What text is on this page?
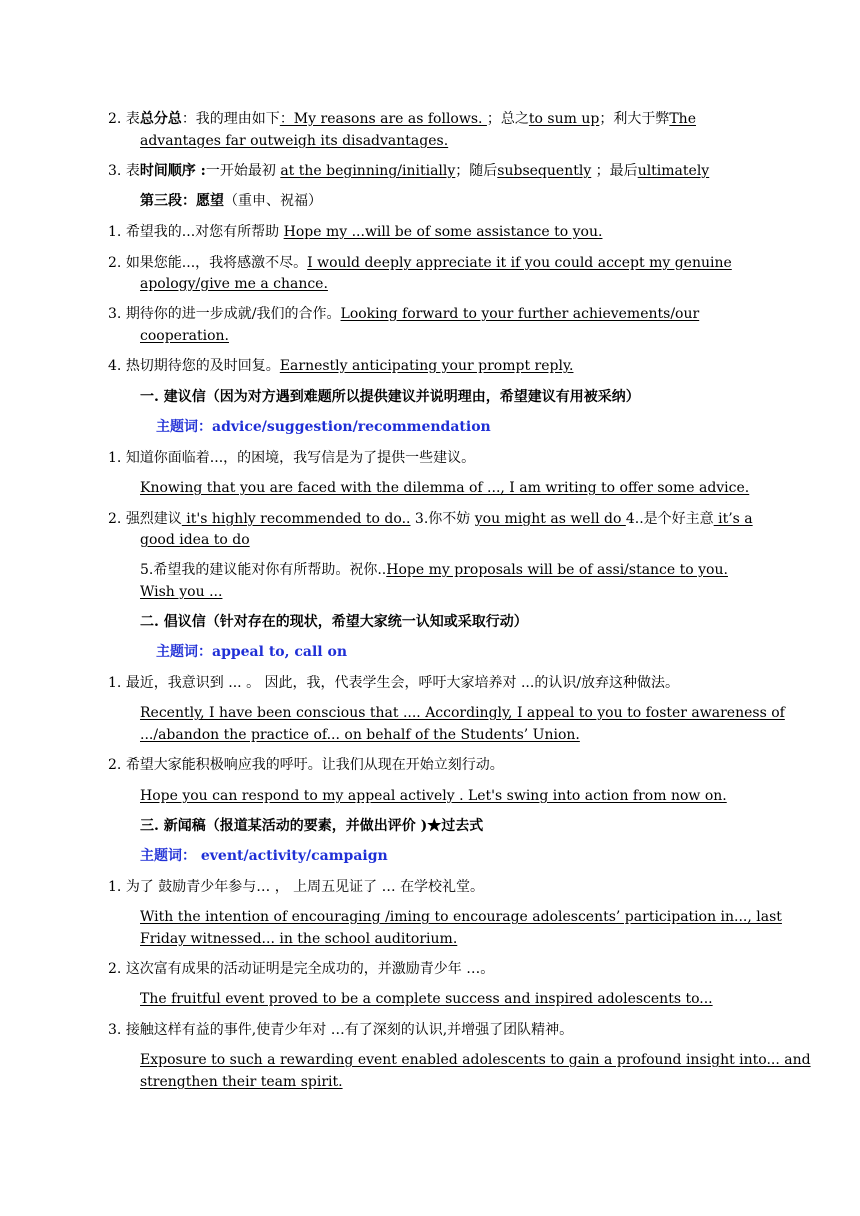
2. 表总分总：我的理由如下：My reasons are as follows. ；总之to sum up；利大于弊The
advantages far outweigh its disadvantages.
3. 表时间顺序 :一开始最初 at the beginning/initially；随后subsequently ；最后ultimately
第三段：愿望（重申、祝福）
1. 希望我的...对您有所帮助 Hope my ...will be of some assistance to you.
2. 如果您能...，我将感激不尽。I would deeply appreciate it if you could accept my genuine
apology/give me a chance.
3. 期待你的进一步成就/我们的合作。Looking forward to your further achievements/our
cooperation.
4. 热切期待您的及时回复。Earnestly anticipating your prompt reply.
一. 建议信（因为对方遇到难题所以提供建议并说明理由，希望建议有用被采纳）
主题词：advice/suggestion/recommendation
1. 知道你面临着...，的困境，我写信是为了提供一些建议。
Knowing that you are faced with the dilemma of ..., I am writing to offer some advice.
2. 强烈建议 it's highly recommended to do.. 3.你不妨 you might as well do 4..是个好主意 it’s a
good idea to do
5.希望我的建议能对你有所帮助。祝你..Hope my proposals will be of assi/stance to you.
Wish you ...
二. 倡议信（针对存在的现状，希望大家统一认知或采取行动）
主题词：appeal to, call on
1. 最近，我意识到 ... 。 因此，我，代表学生会，呼吁大家培养对 ...的认识/放弃这种做法。
Recently, I have been conscious that .... Accordingly, I appeal to you to foster awareness of
.../abandon the practice of... on behalf of the Students’ Union.
2. 希望大家能积极响应我的呼吁。让我们从现在开始立刻行动。
Hope you can respond to my appeal actively . Let's swing into action from now on.
三. 新闻稿（报道某活动的要素，并做出评价 )★过去式
主题词： event/activity/campaign
1. 为了 鼓励青少年参与… ， 上周五见证了 … 在学校礼堂。
With the intention of encouraging /iming to encourage adolescents’ participation in..., last
Friday witnessed... in the school auditorium.
2. 这次富有成果的活动证明是完全成功的，并激励青少年 …。
The fruitful event proved to be a complete success and inspired adolescents to...
3. 接触这样有益的事件,使青少年对 …有了深刻的认识,并增强了团队精神。
Exposure to such a rewarding event enabled adolescents to gain a profound insight into... and
strengthen their team spirit.
